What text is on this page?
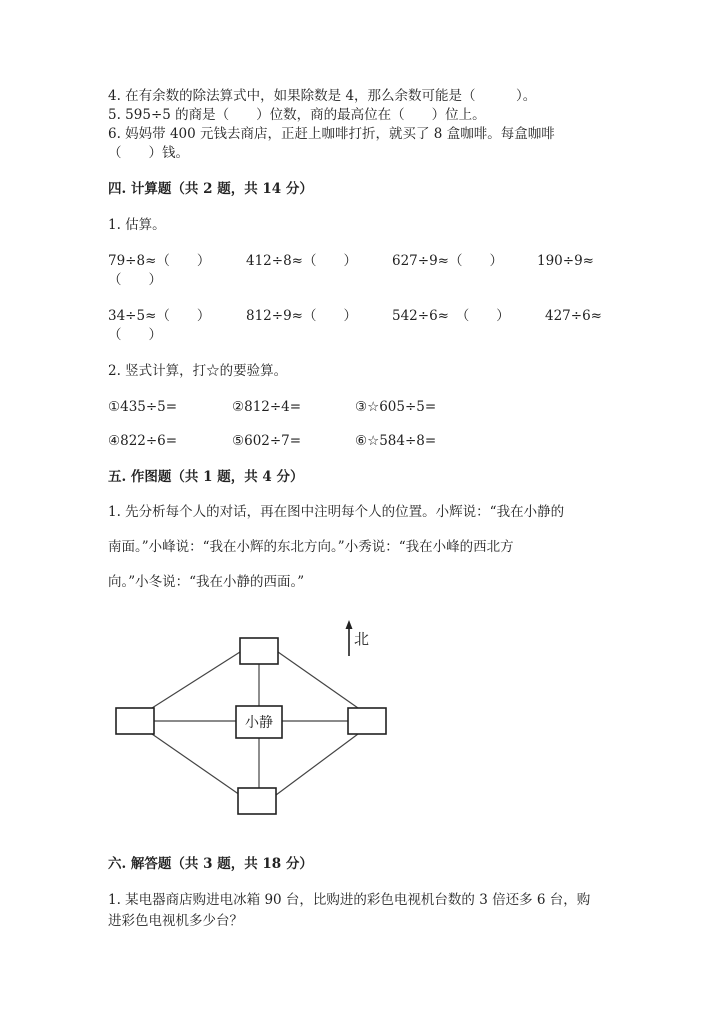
4. 在有余数的除法算式中，如果除数是 4，那么余数可能是（　　　）。
5. 595÷5 的商是（　　）位数，商的最高位在（　　）位上。
6. 妈妈带 400 元钱去商店，正赶上咖啡打折，就买了 8 盒咖啡。每盒咖啡
（　　）钱。
四. 计算题（共 2 题，共 14 分）
1. 估算。
79÷8≈（　　）	412÷8≈（　　）	627÷9≈（　　）	190÷9≈
（　　）
34÷5≈（　　）	812÷9≈（　　）	542÷6≈　（　　）	427÷6≈
（　　）
2. 竖式计算，打☆的要验算。
①435÷5=	②812÷4=	③☆605÷5=
④822÷6=	⑤602÷7=	⑥☆584÷8=
五. 作图题（共 1 题，共 4 分）
1. 先分析每个人的对话，再在图中注明每个人的位置。小辉说：“我在小静的
南面。”小峰说：“我在小辉的东北方向。”小秀说：“我在小峰的西北方
向。”小冬说：“我在小静的西面。”
小静
北
六. 解答题（共 3 题，共 18 分）
1. 某电器商店购进电冰箱 90 台，比购进的彩色电视机台数的 3 倍还多 6 台，购
进彩色电视机多少台？
